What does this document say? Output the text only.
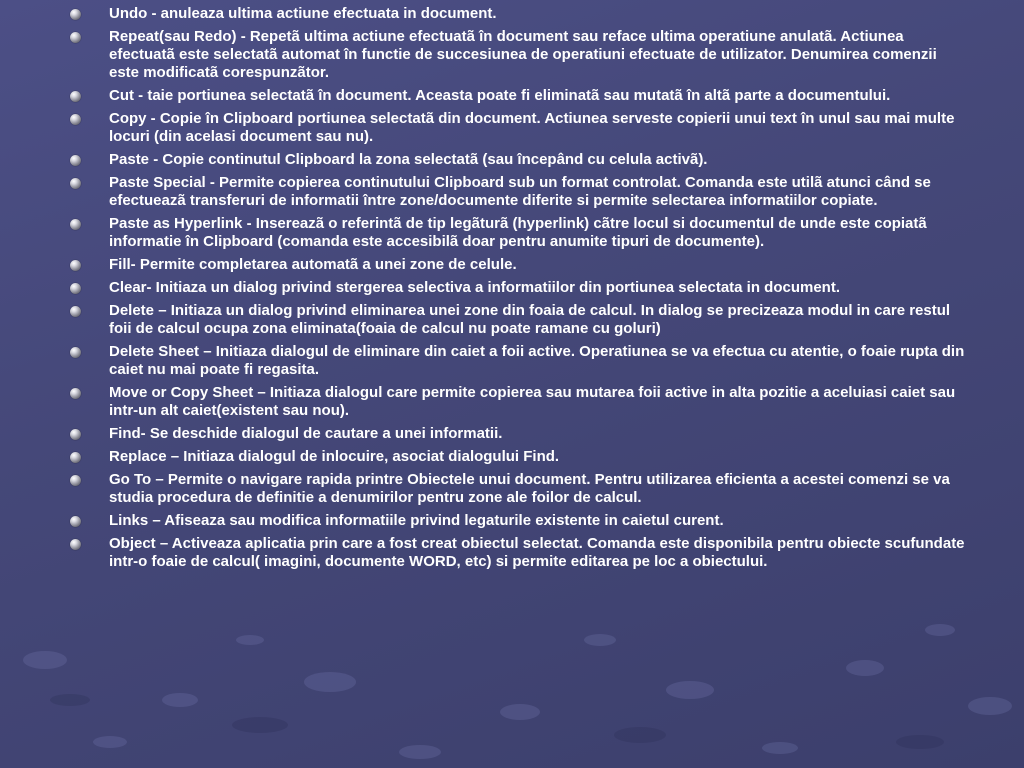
Undo - anuleaza ultima actiune efectuata in document.
Repeat(sau Redo) - Repetã ultima actiune efectuatã în document sau reface ultima operatiune anulatã. Actiunea efectuatã este selectatã automat în functie de succesiunea de operatiuni efectuate de utilizator. Denumirea comenzii este modificatã corespunzãtor.
Cut - taie portiunea selectatã în document. Aceasta poate fi eliminatã sau mutatã în altã parte a documentului.
Copy - Copie în Clipboard portiunea selectatã din document. Actiunea serveste copierii unui text în unul sau mai multe locuri (din acelasi document sau nu).
Paste - Copie continutul Clipboard la zona selectatã (sau începând cu celula activã).
Paste Special - Permite copierea continutului Clipboard sub un format controlat. Comanda este utilã atunci când se efectueazã transferuri de informatii între zone/documente diferite si permite selectarea informatiilor copiate.
Paste as Hyperlink - Insereazã o referintã de tip legãturã (hyperlink) cãtre locul si documentul de unde este copiatã informatie în Clipboard (comanda este accesibilã doar pentru anumite tipuri de documente).
Fill- Permite completarea automatã a unei zone de celule.
Clear- Initiaza un dialog privind stergerea selectiva a informatiilor din portiunea selectata in document.
Delete – Initiaza un dialog privind eliminarea unei zone din foaia de calcul. In dialog se precizeaza modul in care restul foii de calcul ocupa zona eliminata(foaia de calcul nu poate ramane cu goluri)
Delete Sheet – Initiaza dialogul de eliminare din caiet a foii active. Operatiunea se va efectua cu atentie, o foaie rupta din caiet nu mai poate fi regasita.
Move or Copy Sheet – Initiaza dialogul care permite copierea sau mutarea foii active in alta pozitie a aceluiasi caiet sau intr-un alt caiet(existent sau nou).
Find- Se deschide dialogul de cautare a unei informatii.
Replace – Initiaza dialogul de inlocuire, asociat dialogului Find.
Go To – Permite o navigare rapida printre Obiectele unui document. Pentru utilizarea eficienta a acestei comenzi se va studia procedura de definitie a denumirilor pentru zone ale foilor de calcul.
Links – Afiseaza sau modifica informatiile privind legaturile existente in caietul curent.
Object – Activeaza aplicatia prin care a fost creat obiectul selectat. Comanda este disponibila pentru obiecte scufundate intr-o foaie de calcul( imagini, documente WORD, etc) si permite editarea pe loc a obiectului.
